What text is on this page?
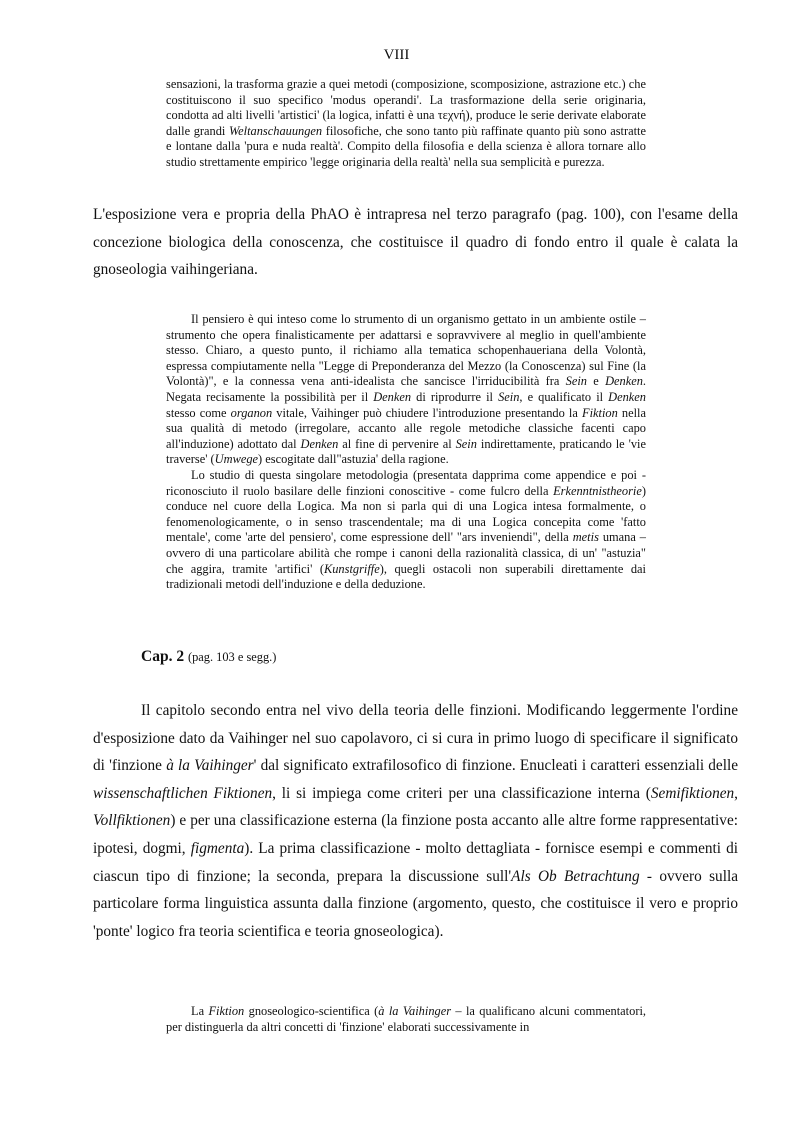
VIII

sensazioni, la trasforma grazie a quei metodi (composizione, scomposizione, astrazione etc.) che costituiscono il suo specifico 'modus operandi'. La trasformazione della serie originaria, condotta ad alti livelli 'artistici' (la logica, infatti è una τεχνή), produce le serie derivate elaborate dalle grandi Weltanschauungen filosofiche, che sono tanto più raffinate quanto più sono astratte e lontane dalla 'pura e nuda realtà'. Compito della filosofia e della scienza è allora tornare allo studio strettamente empirico 'legge originaria della realtà' nella sua semplicità e purezza.

L'esposizione vera e propria della PhAO è intrapresa nel terzo paragrafo (pag. 100), con l'esame della concezione biologica della conoscenza, che costituisce il quadro di fondo entro il quale è calata la gnoseologia vaihingeriana.

Il pensiero è qui inteso come lo strumento di un organismo gettato in un ambiente ostile – strumento che opera finalisticamente per adattarsi e sopravvivere al meglio in quell'ambiente stesso. Chiaro, a questo punto, il richiamo alla tematica schopenhaueriana della Volontà, espressa compiutamente nella "Legge di Preponderanza del Mezzo (la Conoscenza) sul Fine (la Volontà)", e la connessa vena anti-idealista che sancisce l'irriducibilità fra Sein e Denken. Negata recisamente la possibilità per il Denken di riprodurre il Sein, e qualificato il Denken stesso come organon vitale, Vaihinger può chiudere l'introduzione presentando la Fiktion nella sua qualità di metodo (irregolare, accanto alle regole metodiche classiche facenti capo all'induzione) adottato dal Denken al fine di pervenire al Sein indirettamente, praticando le 'vie traverse' (Umwege) escogitate dall"astuzia' della ragione.

Lo studio di questa singolare metodologia (presentata dapprima come appendice e poi - riconosciuto il ruolo basilare delle finzioni conoscitive - come fulcro della Erkenntnistheorie) conduce nel cuore della Logica. Ma non si parla qui di una Logica intesa formalmente, o fenomenologicamente, o in senso trascendentale; ma di una Logica concepita come 'fatto mentale', come 'arte del pensiero', come espressione dell' "ars inveniendi", della metis umana – ovvero di una particolare abilità che rompe i canoni della razionalità classica, di un' "astuzia" che aggira, tramite 'artifici' (Kunstgriffe), quegli ostacoli non superabili direttamente dai tradizionali metodi dell'induzione e della deduzione.

Cap. 2 (pag. 103 e segg.)

Il capitolo secondo entra nel vivo della teoria delle finzioni. Modificando leggermente l'ordine d'esposizione dato da Vaihinger nel suo capolavoro, ci si cura in primo luogo di specificare il significato di 'finzione à la Vaihinger' dal significato extrafilosofico di finzione. Enucleati i caratteri essenziali delle wissenschaftlichen Fiktionen, li si impiega come criteri per una classificazione interna (Semifiktionen, Vollfiktionen) e per una classificazione esterna (la finzione posta accanto alle altre forme rappresentative: ipotesi, dogmi, figmenta). La prima classificazione - molto dettagliata - fornisce esempi e commenti di ciascun tipo di finzione; la seconda, prepara la discussione sull'Als Ob Betrachtung - ovvero sulla particolare forma linguistica assunta dalla finzione (argomento, questo, che costituisce il vero e proprio 'ponte' logico fra teoria scientifica e teoria gnoseologica).

La Fiktion gnoseologico-scientifica (à la Vaihinger – la qualificano alcuni commentatori, per distinguerla da altri concetti di 'finzione' elaborati successivamente in
